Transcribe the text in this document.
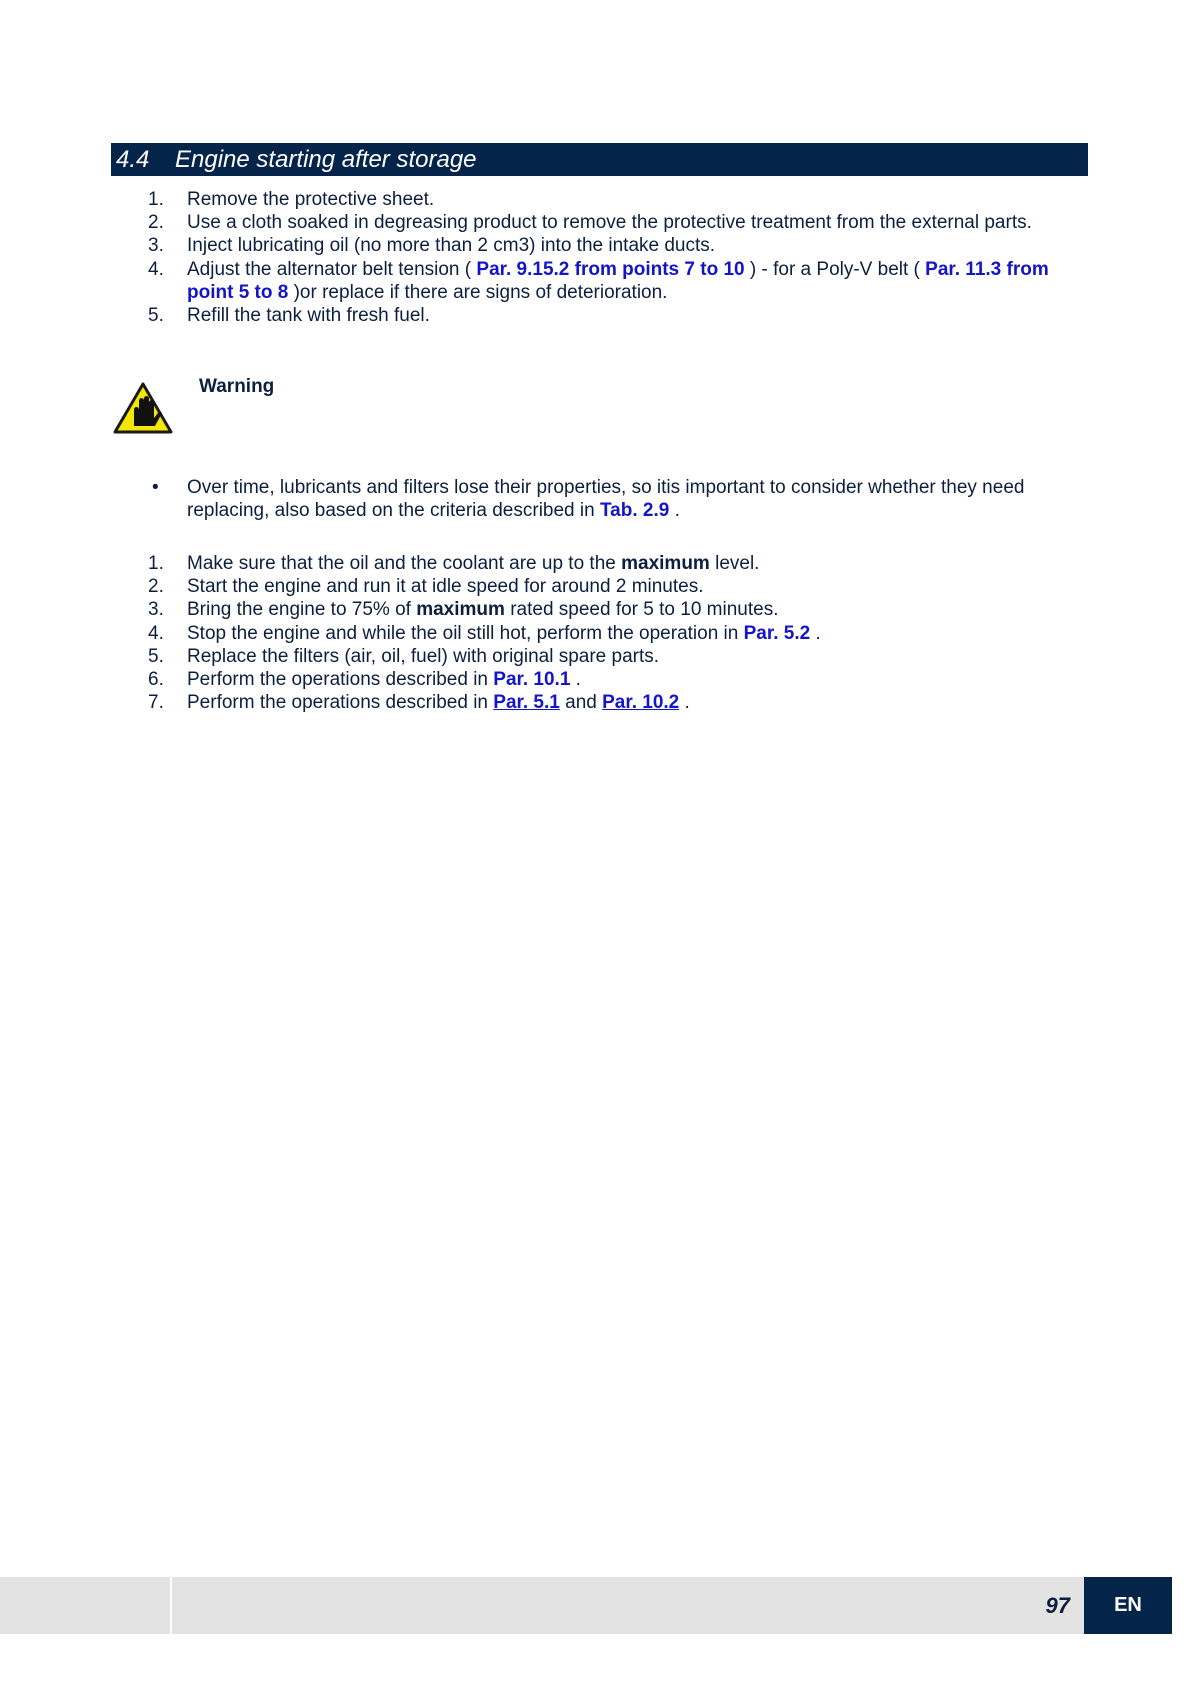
4.4	Engine starting after storage
1.	Remove the protective sheet.
2.	Use a cloth soaked in degreasing product to remove the protective treatment from the external parts.
3.	Inject lubricating oil (no more than 2 cm3) into the intake ducts.
4.	Adjust the alternator belt tension ( Par. 9.15.2 from points 7 to 10 ) - for a Poly-V belt ( Par. 11.3 from point 5 to 8 )or replace if there are signs of deterioration.
5.	Refill the tank with fresh fuel.
Warning
• Over time, lubricants and filters lose their properties, so itis important to consider whether they need replacing, also based on the criteria described in Tab. 2.9 .
1.	Make sure that the oil and the coolant are up to the maximum level.
2.	Start the engine and run it at idle speed for around 2 minutes.
3.	Bring the engine to 75% of maximum rated speed for 5 to 10 minutes.
4.	Stop the engine and while the oil still hot, perform the operation in Par. 5.2 .
5.	Replace the filters (air, oil, fuel) with original spare parts.
6.	Perform the operations described in Par. 10.1 .
7.	Perform the operations described in Par. 5.1 and Par. 10.2 .
97	EN
